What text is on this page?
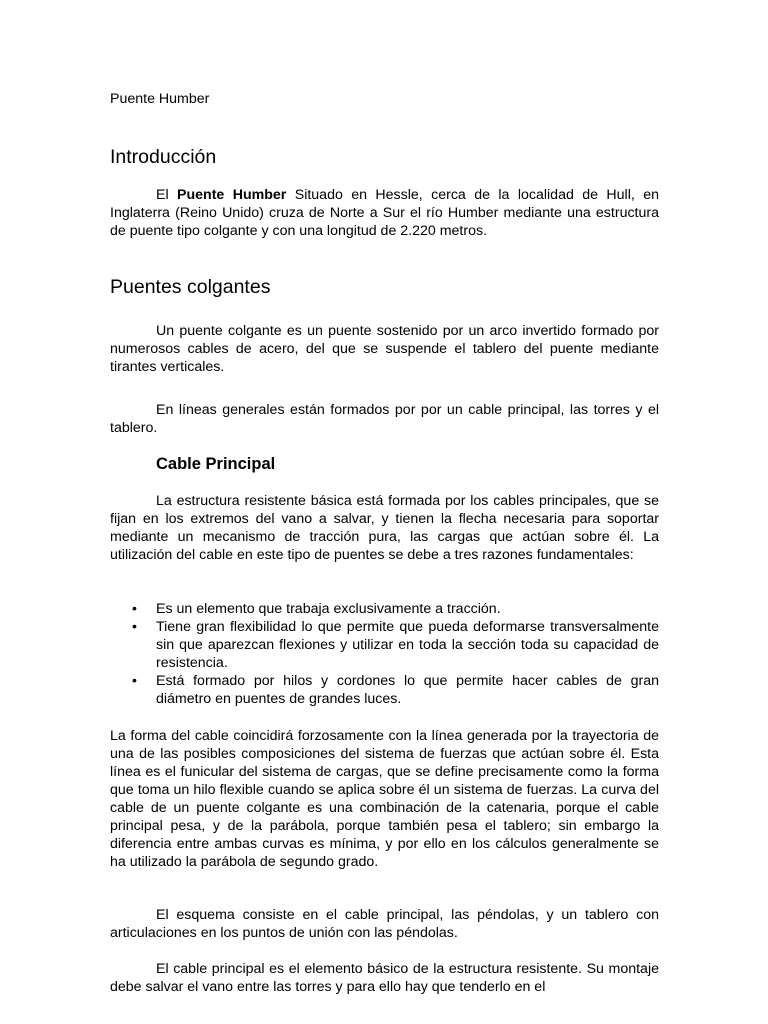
Puente Humber

Introducción

El Puente Humber Situado en Hessle, cerca de la localidad de Hull, en Inglaterra (Reino Unido) cruza de Norte a Sur el río Humber mediante una estructura de puente tipo colgante y con una longitud de 2.220 metros.

Puentes colgantes

Un puente colgante es un puente sostenido por un arco invertido formado por numerosos cables de acero, del que se suspende el tablero del puente mediante tirantes verticales.

En líneas generales están formados por por un cable principal, las torres y el tablero.

Cable Principal

La estructura resistente básica está formada por los cables principales, que se fijan en los extremos del vano a salvar, y tienen la flecha necesaria para soportar mediante un mecanismo de tracción pura, las cargas que actúan sobre él. La utilización del cable en este tipo de puentes se debe a tres razones fundamentales:

• Es un elemento que trabaja exclusivamente a tracción.
• Tiene gran flexibilidad lo que permite que pueda deformarse transversalmente sin que aparezcan flexiones y utilizar en toda la sección toda su capacidad de resistencia.
• Está formado por hilos y cordones lo que permite hacer cables de gran diámetro en puentes de grandes luces.

La forma del cable coincidirá forzosamente con la línea generada por la trayectoria de una de las posibles composiciones del sistema de fuerzas que actúan sobre él. Esta línea es el funicular del sistema de cargas, que se define precisamente como la forma que toma un hilo flexible cuando se aplica sobre él un sistema de fuerzas. La curva del cable de un puente colgante es una combinación de la catenaria, porque el cable principal pesa, y de la parábola, porque también pesa el tablero; sin embargo la diferencia entre ambas curvas es mínima, y por ello en los cálculos generalmente se ha utilizado la parábola de segundo grado.

El esquema consiste en el cable principal, las péndolas, y un tablero con articulaciones en los puntos de unión con las péndolas.

El cable principal es el elemento básico de la estructura resistente. Su montaje debe salvar el vano entre las torres y para ello hay que tenderlo en el
